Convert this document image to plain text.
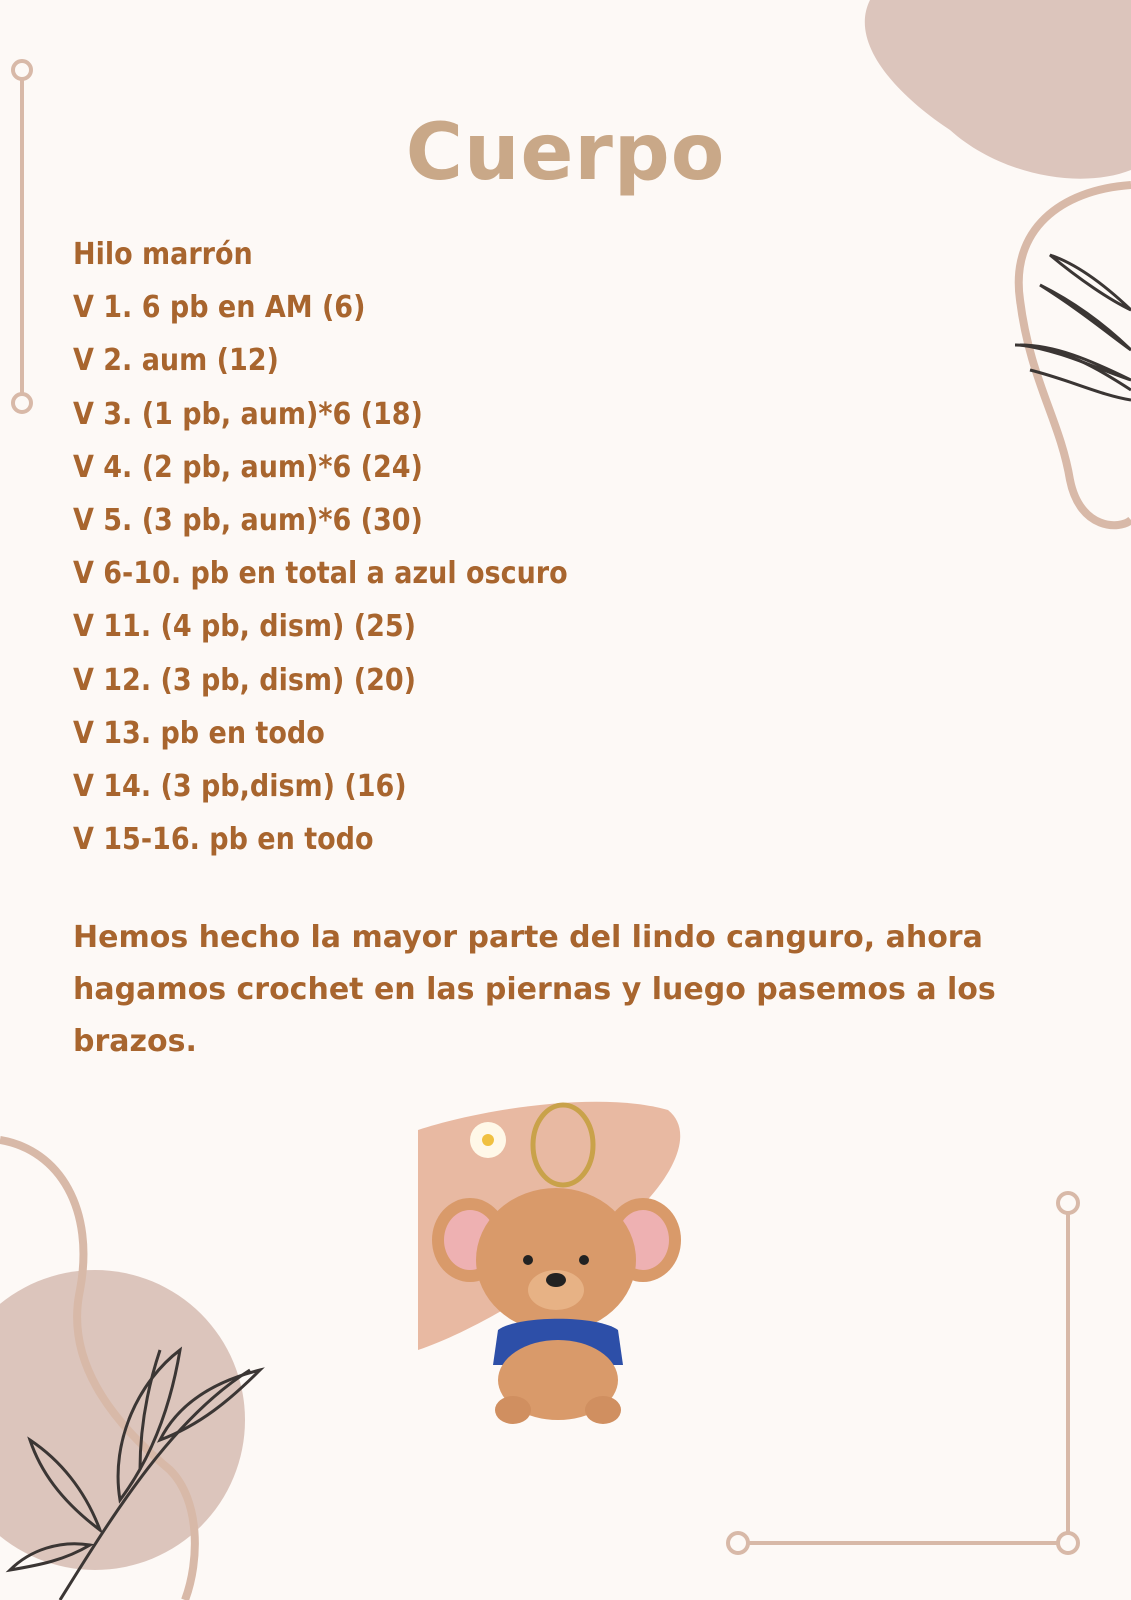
Cuerpo
Hilo marrón
V 1. 6 pb en AM (6)
V 2. aum (12)
V 3. (1 pb, aum)*6 (18)
V 4. (2 pb, aum)*6 (24)
V 5. (3 pb, aum)*6 (30)
V 6-10. pb en total a azul oscuro
V 11. (4 pb, dism) (25)
V 12. (3 pb, dism) (20)
V 13. pb en todo
V 14. (3 pb,dism) (16)
V 15-16. pb en todo
Hemos hecho la mayor parte del lindo canguro, ahora hagamos crochet en las piernas y luego pasemos a los brazos.
